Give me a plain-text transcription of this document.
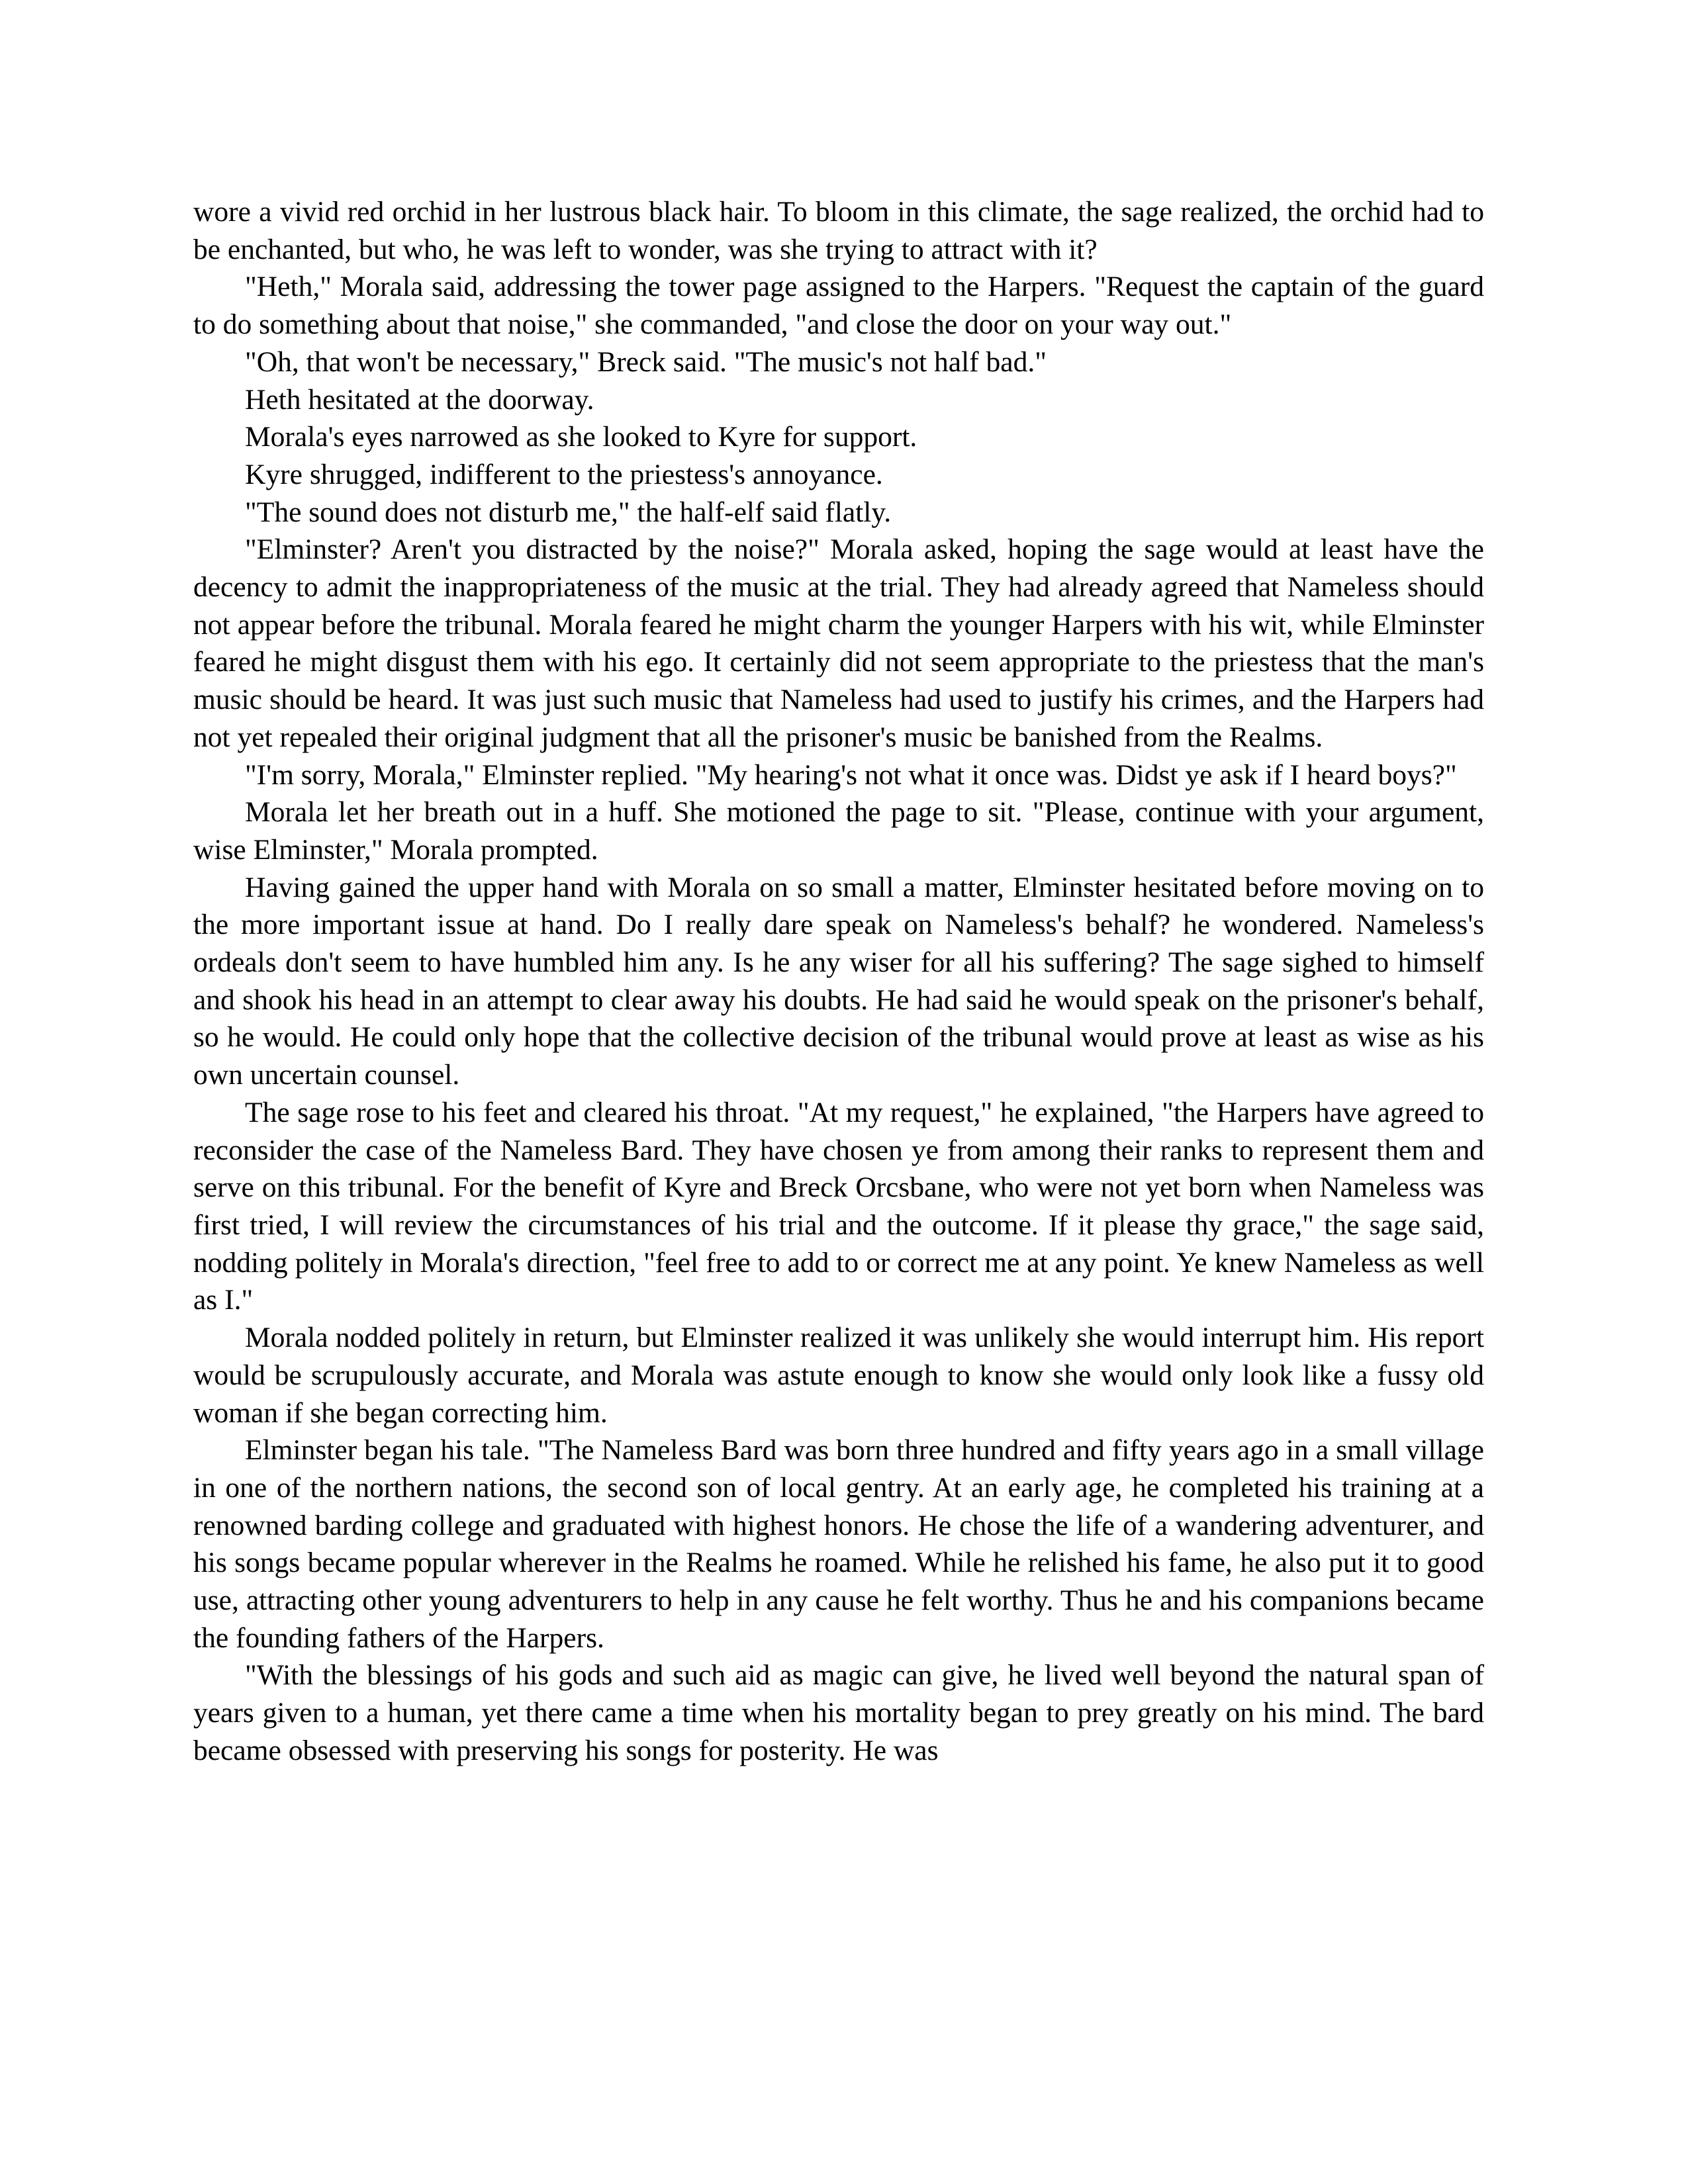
wore a vivid red orchid in her lustrous black hair. To bloom in this climate, the sage realized, the orchid had to be enchanted, but who, he was left to wonder, was she trying to attract with it?

"Heth," Morala said, addressing the tower page assigned to the Harpers. "Request the captain of the guard to do something about that noise," she commanded, "and close the door on your way out."

"Oh, that won't be necessary," Breck said. "The music's not half bad."

Heth hesitated at the doorway.

Morala's eyes narrowed as she looked to Kyre for support.

Kyre shrugged, indifferent to the priestess's annoyance.

"The sound does not disturb me," the half-elf said flatly.

"Elminster? Aren't you distracted by the noise?" Morala asked, hoping the sage would at least have the decency to admit the inappropriateness of the music at the trial. They had already agreed that Nameless should not appear before the tribunal. Morala feared he might charm the younger Harpers with his wit, while Elminster feared he might disgust them with his ego. It certainly did not seem appropriate to the priestess that the man's music should be heard. It was just such music that Nameless had used to justify his crimes, and the Harpers had not yet repealed their original judgment that all the prisoner's music be banished from the Realms.

"I'm sorry, Morala," Elminster replied. "My hearing's not what it once was. Didst ye ask if I heard boys?"

Morala let her breath out in a huff. She motioned the page to sit. "Please, continue with your argument, wise Elminster," Morala prompted.

Having gained the upper hand with Morala on so small a matter, Elminster hesitated before moving on to the more important issue at hand. Do I really dare speak on Nameless's behalf? he wondered. Nameless's ordeals don't seem to have humbled him any. Is he any wiser for all his suffering? The sage sighed to himself and shook his head in an attempt to clear away his doubts. He had said he would speak on the prisoner's behalf, so he would. He could only hope that the collective decision of the tribunal would prove at least as wise as his own uncertain counsel.

The sage rose to his feet and cleared his throat. "At my request," he explained, "the Harpers have agreed to reconsider the case of the Nameless Bard. They have chosen ye from among their ranks to represent them and serve on this tribunal. For the benefit of Kyre and Breck Orcsbane, who were not yet born when Nameless was first tried, I will review the circumstances of his trial and the outcome. If it please thy grace," the sage said, nodding politely in Morala's direction, "feel free to add to or correct me at any point. Ye knew Nameless as well as I."

Morala nodded politely in return, but Elminster realized it was unlikely she would interrupt him. His report would be scrupulously accurate, and Morala was astute enough to know she would only look like a fussy old woman if she began correcting him.

Elminster began his tale. "The Nameless Bard was born three hundred and fifty years ago in a small village in one of the northern nations, the second son of local gentry. At an early age, he completed his training at a renowned barding college and graduated with highest honors. He chose the life of a wandering adventurer, and his songs became popular wherever in the Realms he roamed. While he relished his fame, he also put it to good use, attracting other young adventurers to help in any cause he felt worthy. Thus he and his companions became the founding fathers of the Harpers.

"With the blessings of his gods and such aid as magic can give, he lived well beyond the natural span of years given to a human, yet there came a time when his mortality began to prey greatly on his mind. The bard became obsessed with preserving his songs for posterity. He was
